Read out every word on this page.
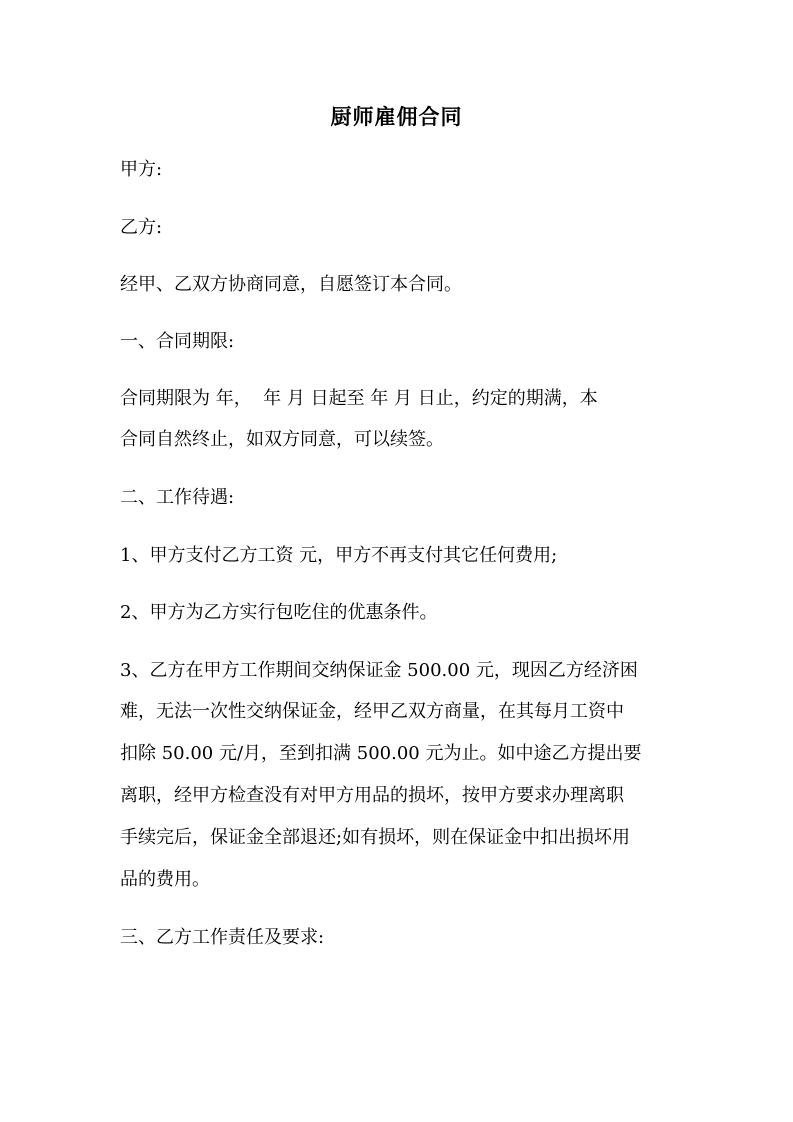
厨师雇佣合同
甲方:
乙方:
经甲、乙双方协商同意，自愿签订本合同。
一、合同期限:
合同期限为 年，  年 月 日起至 年 月 日止，约定的期满，本
合同自然终止，如双方同意，可以续签。
二、工作待遇:
1、甲方支付乙方工资 元，甲方不再支付其它任何费用;
2、甲方为乙方实行包吃住的优惠条件。
3、乙方在甲方工作期间交纳保证金 500.00 元，现因乙方经济困
难，无法一次性交纳保证金，经甲乙双方商量，在其每月工资中
扣除 50.00 元/月，至到扣满 500.00 元为止。如中途乙方提出要
离职，经甲方检查没有对甲方用品的损坏，按甲方要求办理离职
手续完后，保证金全部退还;如有损坏，则在保证金中扣出损坏用
品的费用。
三、乙方工作责任及要求:
